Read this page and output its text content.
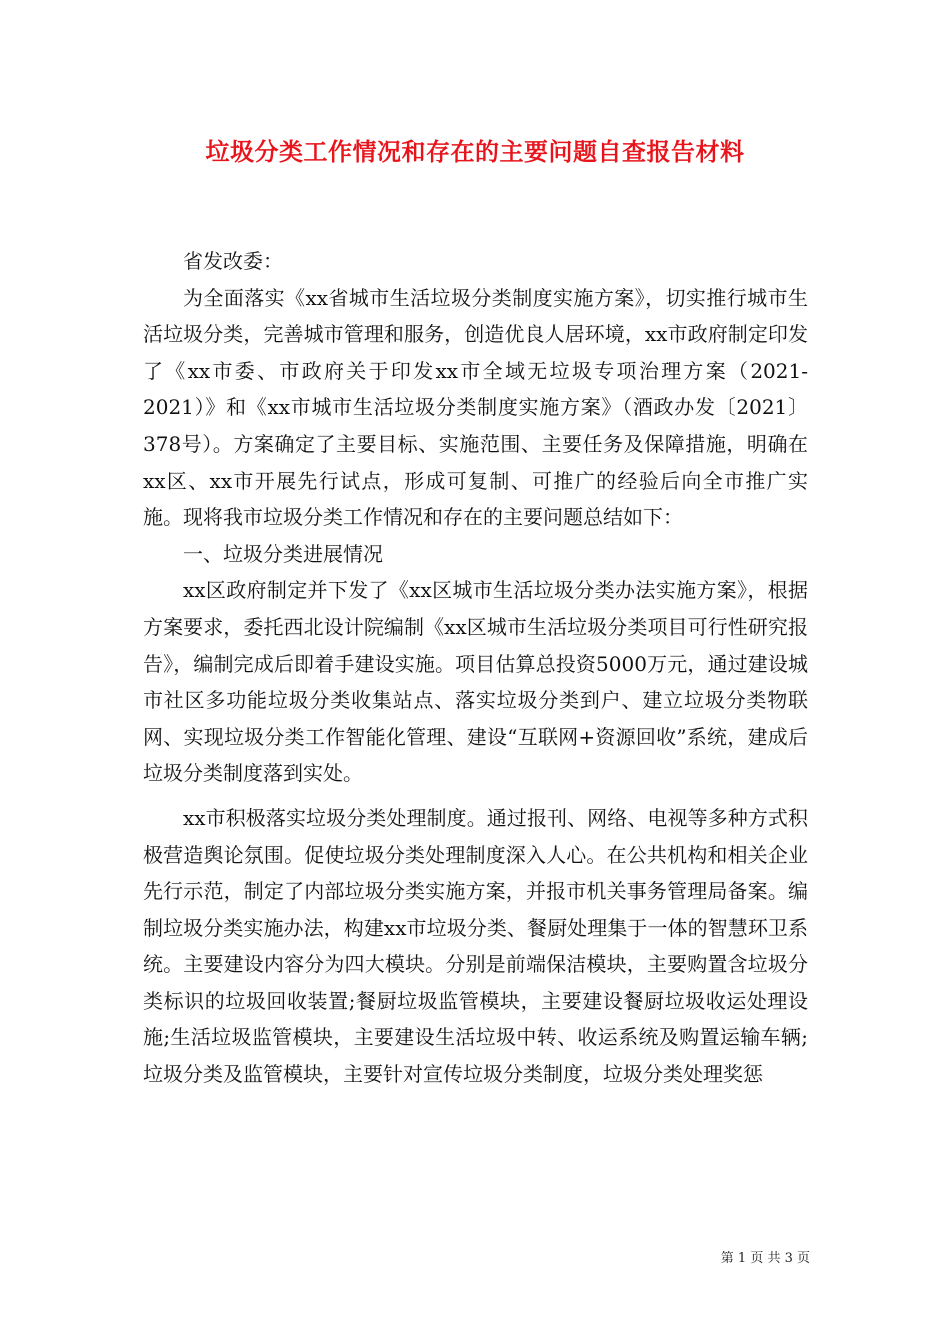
垃圾分类工作情况和存在的主要问题自查报告材料

省发改委：

为全面落实《xx省城市生活垃圾分类制度实施方案》，切实推行城市生活垃圾分类，完善城市管理和服务，创造优良人居环境，xx市政府制定印发了《xx市委、市政府关于印发xx市全域无垃圾专项治理方案（2021-2021）》和《xx市城市生活垃圾分类制度实施方案》（酒政办发〔2021〕378号）。方案确定了主要目标、实施范围、主要任务及保障措施，明确在xx区、xx市开展先行试点，形成可复制、可推广的经验后向全市推广实施。现将我市垃圾分类工作情况和存在的主要问题总结如下：

一、垃圾分类进展情况

xx区政府制定并下发了《xx区城市生活垃圾分类办法实施方案》，根据方案要求，委托西北设计院编制《xx区城市生活垃圾分类项目可行性研究报告》，编制完成后即着手建设实施。项目估算总投资5000万元，通过建设城市社区多功能垃圾分类收集站点、落实垃圾分类到户、建立垃圾分类物联网、实现垃圾分类工作智能化管理、建设“互联网+资源回收”系统，建成后垃圾分类制度落到实处。

xx市积极落实垃圾分类处理制度。通过报刊、网络、电视等多种方式积极营造舆论氛围。促使垃圾分类处理制度深入人心。在公共机构和相关企业先行示范，制定了内部垃圾分类实施方案，并报市机关事务管理局备案。编制垃圾分类实施办法，构建xx市垃圾分类、餐厨处理集于一体的智慧环卫系统。主要建设内容分为四大模块。分别是前端保洁模块，主要购置含垃圾分类标识的垃圾回收装置;餐厨垃圾监管模块，主要建设餐厨垃圾收运处理设施;生活垃圾监管模块，主要建设生活垃圾中转、收运系统及购置运输车辆;垃圾分类及监管模块，主要针对宣传垃圾分类制度，垃圾分类处理奖惩

第 1 页 共 3 页
